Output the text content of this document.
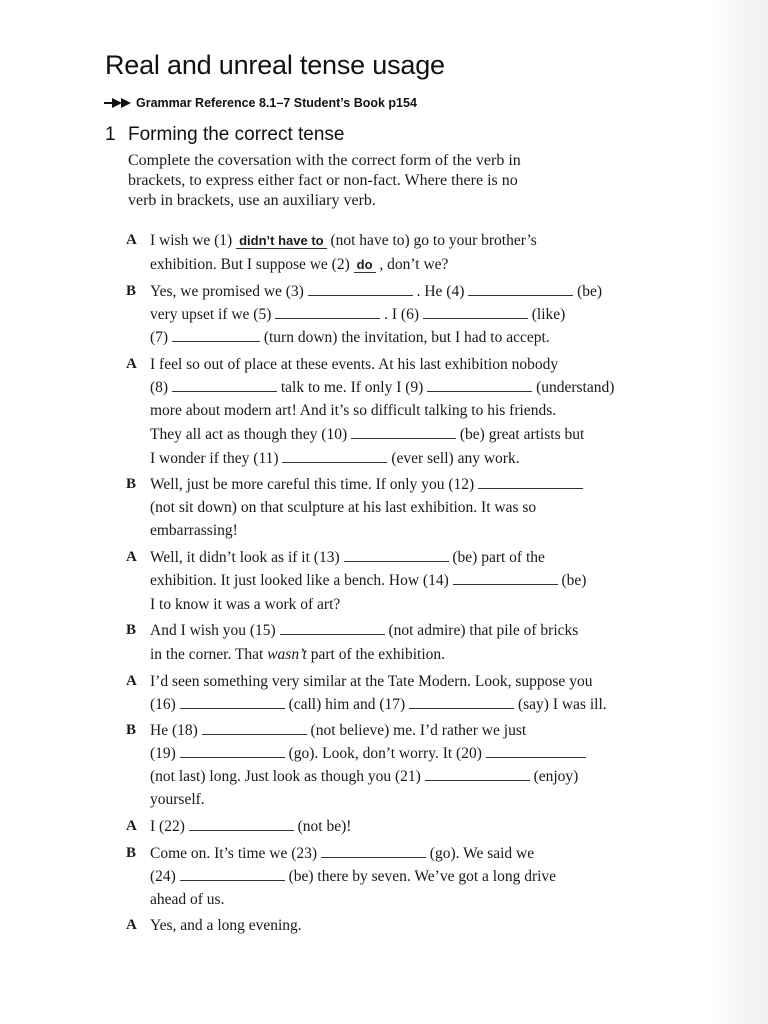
Real and unreal tense usage
Grammar Reference 8.1–7 Student’s Book p154
1 Forming the correct tense
Complete the coversation with the correct form of the verb in
brackets, to express either fact or non-fact. Where there is no
verb in brackets, use an auxiliary verb.
A I wish we (1) didn’t have to (not have to) go to your brother’s
exhibition. But I suppose we (2) do , don’t we?
B Yes, we promised we (3)	. He (4)	(be)
very upset if we (5)	. I (6)	(like)
(7)	(turn down) the invitation, but I had to accept.
A I feel so out of place at these events. At his last exhibition nobody
(8)	talk to me. If only I (9)	(understand)
more about modern art! And it’s so difficult talking to his friends.
They all act as though they (10)	(be) great artists but
I wonder if they (11)	(ever sell) any work.
B Well, just be more careful this time. If only you (12)
(not sit down) on that sculpture at his last exhibition. It was so
embarrassing!
A Well, it didn’t look as if it (13)	(be) part of the
exhibition. It just looked like a bench. How (14)	(be)
I to know it was a work of art?
B And I wish you (15)	(not admire) that pile of bricks
in the corner. That wasn’t part of the exhibition.
A I’d seen something very similar at the Tate Modern. Look, suppose you
(16)	(call) him and (17)	(say) I was ill.
B He (18)	(not believe) me. I’d rather we just
(19)	(go). Look, don’t worry. It (20)
(not last) long. Just look as though you (21)	(enjoy)
yourself.
A I (22)	(not be)!
B Come on. It’s time we (23)	(go). We said we
(24)	(be) there by seven. We’ve got a long drive
ahead of us.
A Yes, and a long evening.
